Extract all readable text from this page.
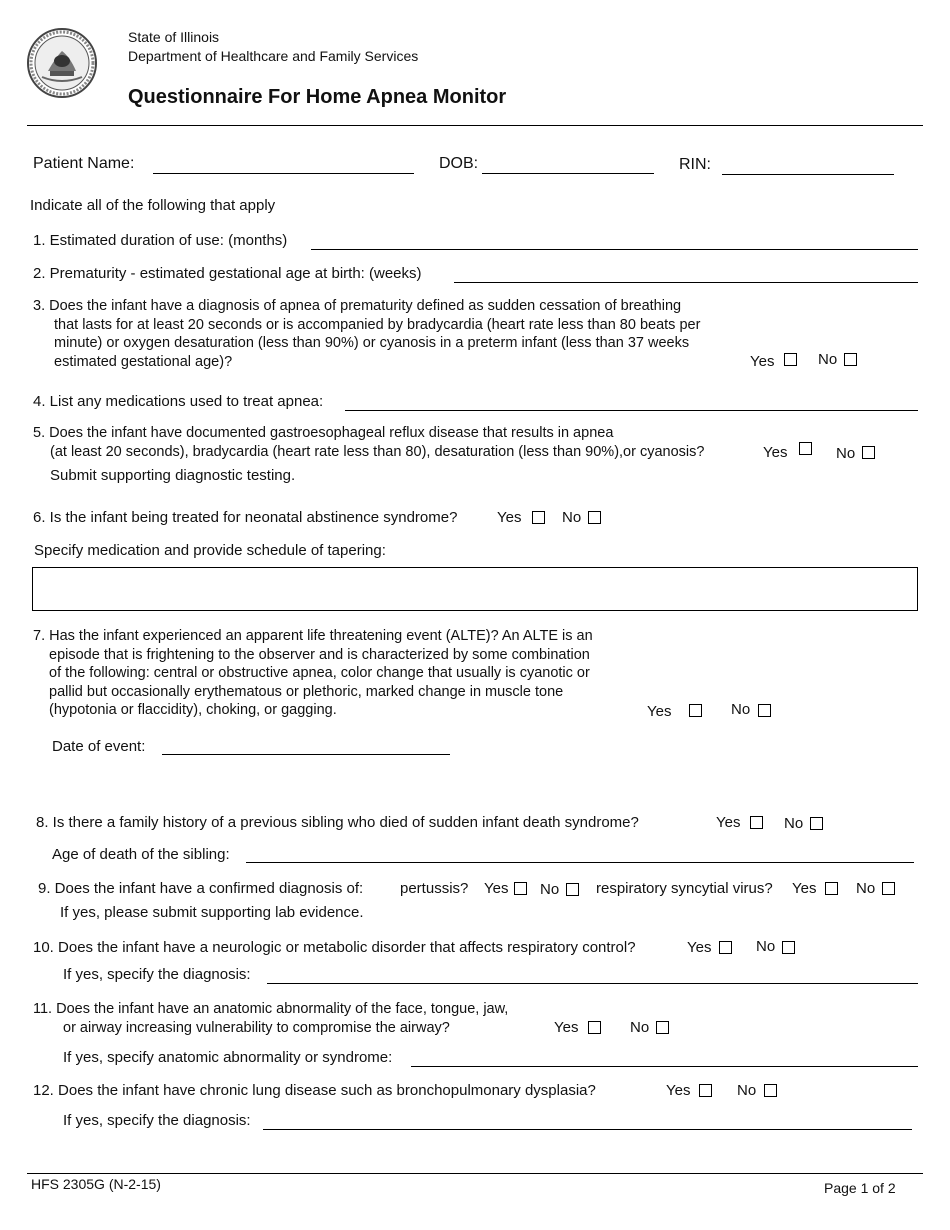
State of Illinois
Department of Healthcare and Family Services
Questionnaire For Home Apnea Monitor
Patient Name:	DOB:	RIN:
Indicate all of the following that apply
1. Estimated duration of use: (months)
2. Prematurity - estimated gestational age at birth: (weeks)
3. Does the infant have a diagnosis of apnea of prematurity defined as sudden cessation of breathing
that lasts for at least 20 seconds or is accompanied by bradycardia (heart rate less than 80 beats per
minute) or oxygen desaturation (less than 90%) or cyanosis in a preterm infant (less than 37 weeks
estimated gestational age)?	Yes	No
4. List any medications used to treat apnea:
5. Does the infant have documented gastroesophageal reflux disease that results in apnea
(at least 20 seconds), bradycardia (heart rate less than 80), desaturation (less than 90%),or cyanosis?	Yes	No
Submit supporting diagnostic testing.
6. Is the infant being treated for neonatal abstinence syndrome?	Yes	No
Specify medication and provide schedule of tapering:
7. Has the infant experienced an apparent life threatening event (ALTE)? An ALTE is an
episode that is frightening to the observer and is characterized by some combination
of the following: central or obstructive apnea, color change that usually is cyanotic or
pallid but occasionally erythematous or plethoric, marked change in muscle tone
(hypotonia or flaccidity), choking, or gagging.	Yes	No
Date of event:
8. Is there a family history of a previous sibling who died of sudden infant death syndrome?	Yes	No
Age of death of the sibling:
9. Does the infant have a confirmed diagnosis of: pertussis? Yes No respiratory syncytial virus? Yes	No
If yes, please submit supporting lab evidence.
10. Does the infant have a neurologic or metabolic disorder that affects respiratory control?	Yes	No
If yes, specify the diagnosis:
11. Does the infant have an anatomic abnormality of the face, tongue, jaw,
or airway increasing vulnerability to compromise the airway?	Yes	No
If yes, specify anatomic abnormality or syndrome:
12. Does the infant have chronic lung disease such as bronchopulmonary dysplasia?	Yes	No
If yes, specify the diagnosis:
HFS 2305G (N-2-15)	Page 1 of 2
